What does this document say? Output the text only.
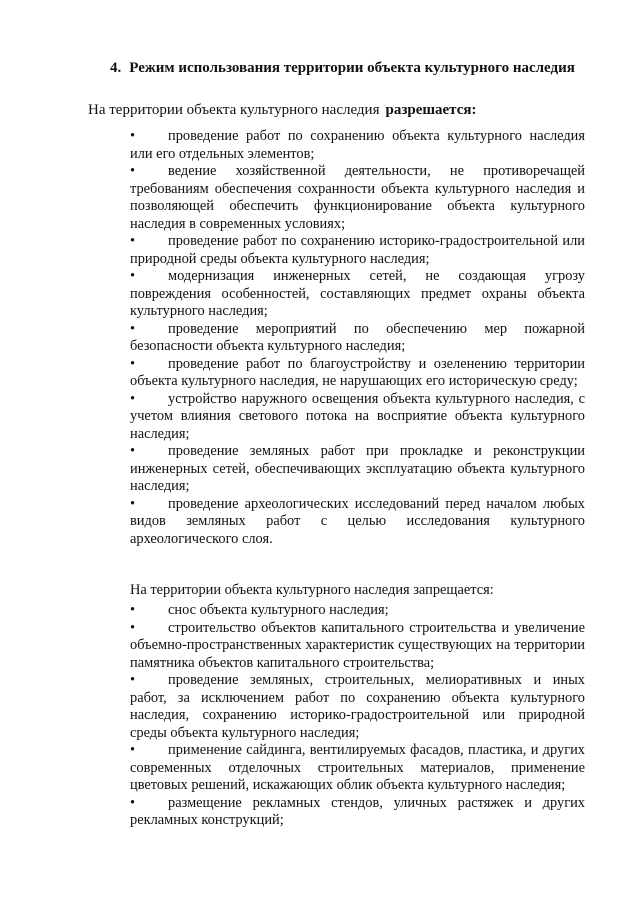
4. Режим использования территории объекта культурного наследия
На территории объекта культурного наследия разрешается:

• проведение работ по сохранению объекта культурного наследия или его отдельных элементов;

• ведение хозяйственной деятельности, не противоречащей требованиям обеспечения сохранности объекта культурного наследия и позволяющей обеспечить функционирование объекта культурного наследия в современных условиях;

• проведение работ по сохранению историко-градостроительной или природной среды объекта культурного наследия;

• модернизация инженерных сетей, не создающая угрозу повреждения особенностей, составляющих предмет охраны объекта культурного наследия;

• проведение мероприятий по обеспечению мер пожарной безопасности объекта культурного наследия;

• проведение работ по благоустройству и озеленению территории объекта культурного наследия, не нарушающих его историческую среду;

• устройство наружного освещения объекта культурного наследия, с учетом влияния светового потока на восприятие объекта культурного наследия;

• проведение земляных работ при прокладке и реконструкции инженерных сетей, обеспечивающих эксплуатацию объекта культурного наследия;

• проведение археологических исследований перед началом любых видов земляных работ с целью исследования культурного археологического слоя.

На территории объекта культурного наследия запрещается:

• снос объекта культурного наследия;

• строительство объектов капитального строительства и увеличение объемно-пространственных характеристик существующих на территории памятника объектов капитального строительства;

• проведение земляных, строительных, мелиоративных и иных работ, за исключением работ по сохранению объекта культурного наследия, сохранению историко-градостроительной или природной среды объекта культурного наследия;

• применение сайдинга, вентилируемых фасадов, пластика, и других современных отделочных строительных материалов, применение цветовых решений, искажающих облик объекта культурного наследия;

• размещение рекламных стендов, уличных растяжек и других рекламных конструкций;
